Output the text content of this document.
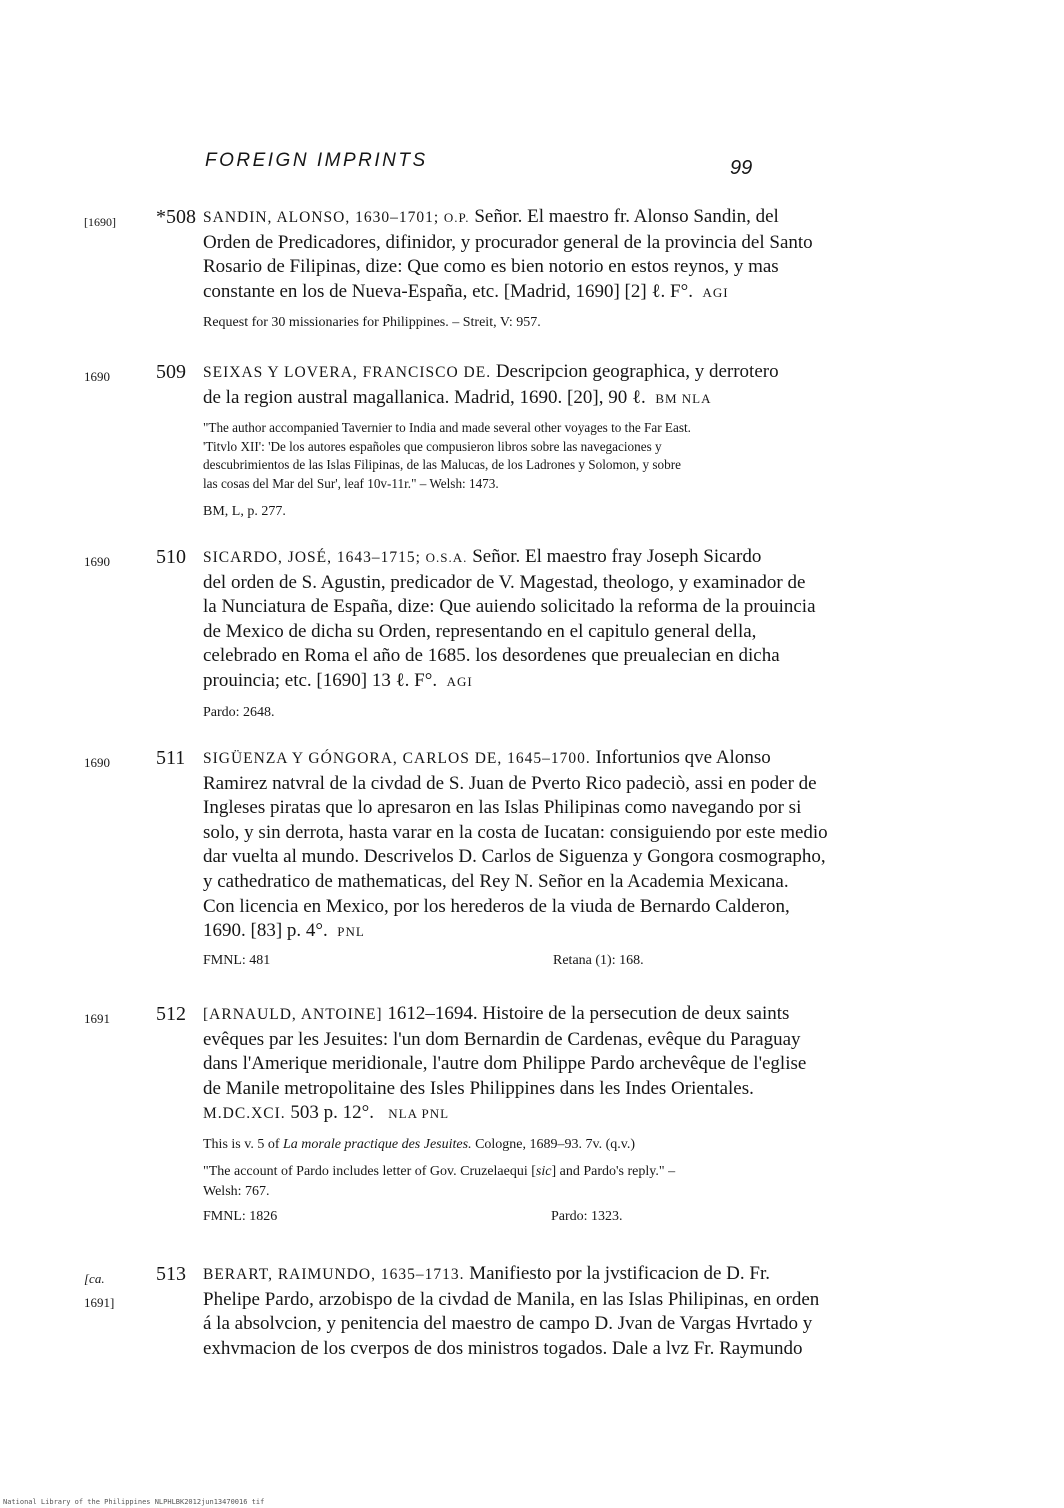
FOREIGN IMPRINTS	99
[1690] *508 SANDIN, ALONSO, 1630–1701; O.P. Señor. El maestro fr. Alonso Sandin, del
Orden de Predicadores, difinidor, y procurador general de la provincia del Santo
Rosario de Filipinas, dize: Que como es bien notorio en estos reynos, y mas
constante en los de Nueva-España, etc. [Madrid, 1690] [2] ℓ. F°. AGI

Request for 30 missionaries for Philippines. – Streit, V: 957.

1690 509 SEIXAS Y LOVERA, FRANCISCO DE. Descripcion geographica, y derrotero
de la region austral magallanica. Madrid, 1690. [20], 90 ℓ. BM NLA

"The author accompanied Tavernier to India and made several other voyages to the Far East.
'Titvlo XII': 'De los autores españoles que compusieron libros sobre las navegaciones y
descubrimientos de las Islas Filipinas, de las Malucas, de los Ladrones y Solomon, y sobre
las cosas del Mar del Sur', leaf 10v-11r." – Welsh: 1473.

BM, L, p. 277.

1690 510 SICARDO, JOSÉ, 1643–1715; O.S.A. Señor. El maestro fray Joseph Sicardo
del orden de S. Agustin, predicador de V. Magestad, theologo, y examinador de
la Nunciatura de España, dize: Que auiendo solicitado la reforma de la prouincia
de Mexico de dicha su Orden, representando en el capitulo general della,
celebrado en Roma el año de 1685. los desordenes que preualecian en dicha
prouincia; etc. [1690] 13 ℓ. F°. AGI

Pardo: 2648.

1690 511 SIGÜENZA Y GÓNGORA, CARLOS DE, 1645–1700. Infortunios qve Alonso
Ramirez natvral de la civdad de S. Juan de Pverto Rico padeciò, assi en poder de
Ingleses piratas que lo apresaron en las Islas Philipinas como navegando por si
solo, y sin derrota, hasta varar en la costa de Iucatan: consiguiendo por este medio
dar vuelta al mundo. Descrivelos D. Carlos de Siguenza y Gongora cosmographo,
y cathedratico de mathematicas, del Rey N. Señor en la Academia Mexicana.
Con licencia en Mexico, por los herederos de la viuda de Bernardo Calderon,
1690. [83] p. 4°. PNL

FMNL: 481	Retana (1): 168.
1691 512 [ARNAULD, ANTOINE] 1612–1694. Histoire de la persecution de deux saints
evêques par les Jesuites: l'un dom Bernardin de Cardenas, evêque du Paraguay
dans l'Amerique meridionale, l'autre dom Philippe Pardo archevêque de l'eglise
de Manile metropolitaine des Isles Philippines dans les Indes Orientales.
M.DC.XCI. 503 p. 12°. NLA PNL

This is v. 5 of La morale practique des Jesuites. Cologne, 1689–93. 7v. (q.v.)

"The account of Pardo includes letter of Gov. Cruzelaequi [sic] and Pardo's reply." –
Welsh: 767.

FMNL: 1826	Pardo: 1323.
[ca.
1691]
513 BERART, RAIMUNDO, 1635–1713. Manifiesto por la jvstificacion de D. Fr.
Phelipe Pardo, arzobispo de la civdad de Manila, en las Islas Philipinas, en orden
á la absolvcion, y penitencia del maestro de campo D. Jvan de Vargas Hvrtado y
exhvmacion de los cverpos de dos ministros togados. Dale a lvz Fr. Raymundo

National Library of the Philippines NLPHLBK2012jun13470016 tif
